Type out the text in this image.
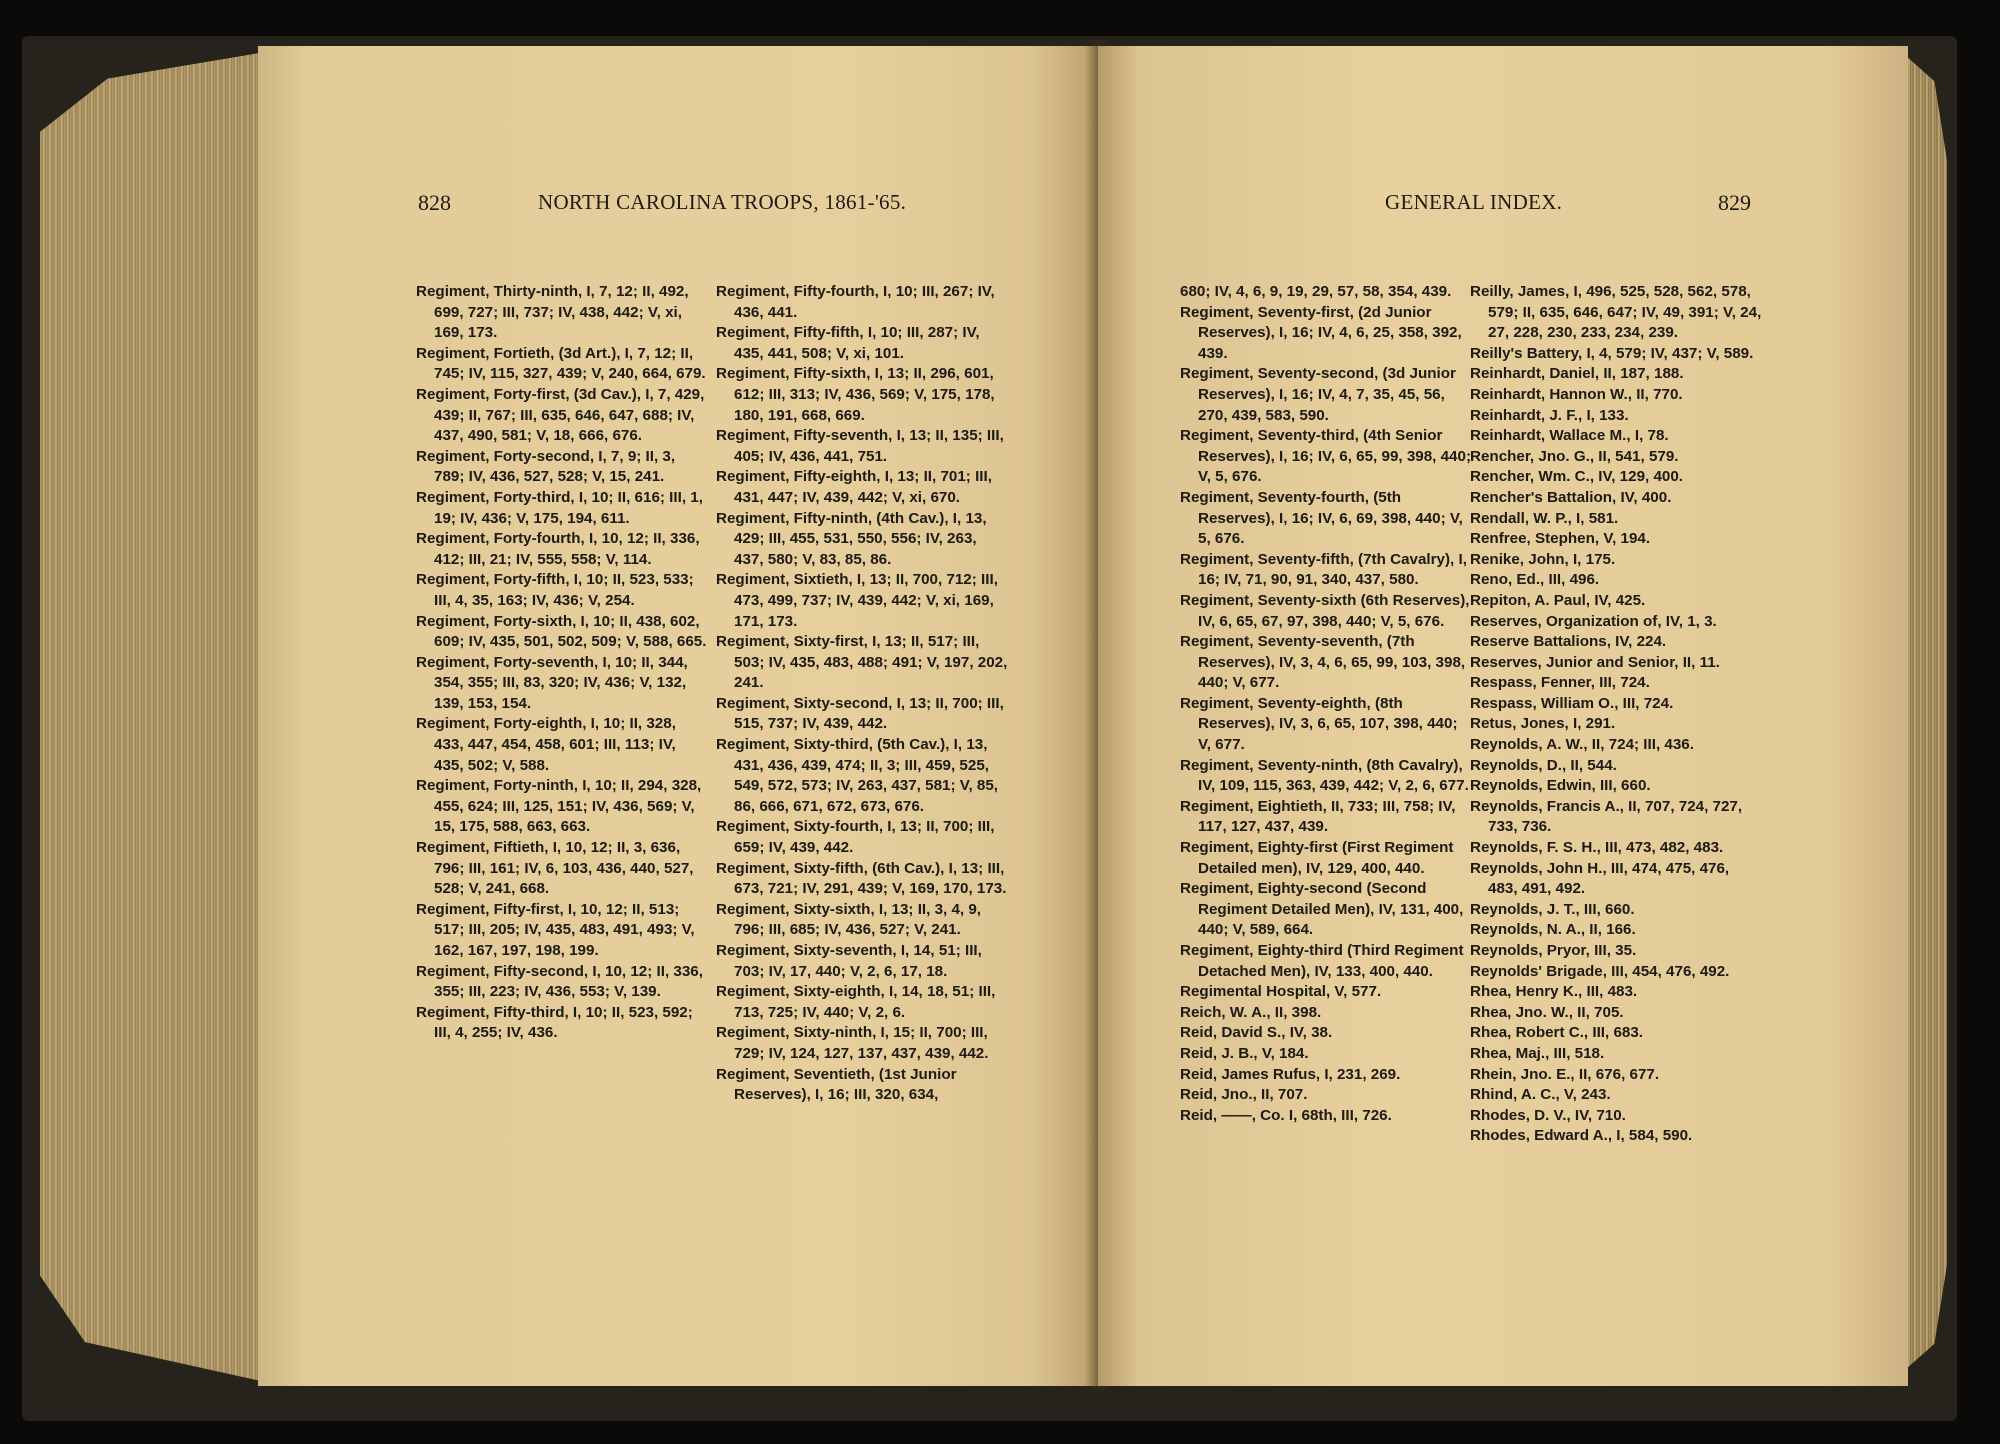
828	NORTH CAROLINA TROOPS, 1861-'65.

Regiment, Thirty-ninth, I, 7, 12; II, 492, 699, 727; III, 737; IV, 438, 442; V, xi, 169, 173.

Regiment, Fortieth, (3d Art.), I, 7, 12; II, 745; IV, 115, 327, 439; V, 240, 664, 679.

Regiment, Forty-first, (3d Cav.), I, 7, 429, 439; II, 767; III, 635, 646, 647, 688; IV, 437, 490, 581; V, 18, 666, 676.

Regiment, Forty-second, I, 7, 9; II, 3, 789; IV, 436, 527, 528; V, 15, 241.

Regiment, Forty-third, I, 10; II, 616; III, 1, 19; IV, 436; V, 175, 194, 611.

Regiment, Forty-fourth, I, 10, 12; II, 336, 412; III, 21; IV, 555, 558; V, 114.

Regiment, Forty-fifth, I, 10; II, 523, 533; III, 4, 35, 163; IV, 436; V, 254.

Regiment, Forty-sixth, I, 10; II, 438, 602, 609; IV, 435, 501, 502, 509; V, 588, 665.

Regiment, Forty-seventh, I, 10; II, 344, 354, 355; III, 83, 320; IV, 436; V, 132, 139, 153, 154.

Regiment, Forty-eighth, I, 10; II, 328, 433, 447, 454, 458, 601; III, 113; IV, 435, 502; V, 588.

Regiment, Forty-ninth, I, 10; II, 294, 328, 455, 624; III, 125, 151; IV, 436, 569; V, 15, 175, 588, 663, 663.

Regiment, Fiftieth, I, 10, 12; II, 3, 636, 796; III, 161; IV, 6, 103, 436, 440, 527, 528; V, 241, 668.

Regiment, Fifty-first, I, 10, 12; II, 513; 517; III, 205; IV, 435, 483, 491, 493; V, 162, 167, 197, 198, 199.

Regiment, Fifty-second, I, 10, 12; II, 336, 355; III, 223; IV, 436, 553; V, 139.

Regiment, Fifty-third, I, 10; II, 523, 592; III, 4, 255; IV, 436.

Regiment, Fifty-fourth, I, 10; III, 267; IV, 436, 441.

Regiment, Fifty-fifth, I, 10; III, 287; IV, 435, 441, 508; V, xi, 101.

Regiment, Fifty-sixth, I, 13; II, 296, 601, 612; III, 313; IV, 436, 569; V, 175, 178, 180, 191, 668, 669.

Regiment, Fifty-seventh, I, 13; II, 135; III, 405; IV, 436, 441, 751.

Regiment, Fifty-eighth, I, 13; II, 701; III, 431, 447; IV, 439, 442; V, xi, 670.

Regiment, Fifty-ninth, (4th Cav.), I, 13, 429; III, 455, 531, 550, 556; IV, 263, 437, 580; V, 83, 85, 86.

Regiment, Sixtieth, I, 13; II, 700, 712; III, 473, 499, 737; IV, 439, 442; V, xi, 169, 171, 173.

Regiment, Sixty-first, I, 13; II, 517; III, 503; IV, 435, 483, 488; 491; V, 197, 202, 241.

Regiment, Sixty-second, I, 13; II, 700; III, 515, 737; IV, 439, 442.

Regiment, Sixty-third, (5th Cav.), I, 13, 431, 436, 439, 474; II, 3; III, 459, 525, 549, 572, 573; IV, 263, 437, 581; V, 85, 86, 666, 671, 672, 673, 676.

Regiment, Sixty-fourth, I, 13; II, 700; III, 659; IV, 439, 442.

Regiment, Sixty-fifth, (6th Cav.), I, 13; III, 673, 721; IV, 291, 439; V, 169, 170, 173.

Regiment, Sixty-sixth, I, 13; II, 3, 4, 9, 796; III, 685; IV, 436, 527; V, 241.

Regiment, Sixty-seventh, I, 14, 51; III, 703; IV, 17, 440; V, 2, 6, 17, 18.

Regiment, Sixty-eighth, I, 14, 18, 51; III, 713, 725; IV, 440; V, 2, 6.

Regiment, Sixty-ninth, I, 15; II, 700; III, 729; IV, 124, 127, 137, 437, 439, 442.

Regiment, Seventieth, (1st Junior Reserves), I, 16; III, 320, 634,

GENERAL INDEX.	829

680; IV, 4, 6, 9, 19, 29, 57, 58, 354, 439.

Regiment, Seventy-first, (2d Junior Reserves), I, 16; IV, 4, 6, 25, 358, 392, 439.

Regiment, Seventy-second, (3d Junior Reserves), I, 16; IV, 4, 7, 35, 45, 56, 270, 439, 583, 590.

Regiment, Seventy-third, (4th Senior Reserves), I, 16; IV, 6, 65, 99, 398, 440; V, 5, 676.

Regiment, Seventy-fourth, (5th Reserves), I, 16; IV, 6, 69, 398, 440; V, 5, 676.

Regiment, Seventy-fifth, (7th Cavalry), I, 16; IV, 71, 90, 91, 340, 437, 580.

Regiment, Seventy-sixth (6th Reserves), IV, 6, 65, 67, 97, 398, 440; V, 5, 676.

Regiment, Seventy-seventh, (7th Reserves), IV, 3, 4, 6, 65, 99, 103, 398, 440; V, 677.

Regiment, Seventy-eighth, (8th Reserves), IV, 3, 6, 65, 107, 398, 440; V, 677.

Regiment, Seventy-ninth, (8th Cavalry), IV, 109, 115, 363, 439, 442; V, 2, 6, 677.

Regiment, Eightieth, II, 733; III, 758; IV, 117, 127, 437, 439.

Regiment, Eighty-first (First Regiment Detailed men), IV, 129, 400, 440.

Regiment, Eighty-second (Second Regiment Detailed Men), IV, 131, 400, 440; V, 589, 664.

Regiment, Eighty-third (Third Regiment Detached Men), IV, 133, 400, 440.

Regimental Hospital, V, 577.

Reich, W. A., II, 398.

Reid, David S., IV, 38.

Reid, J. B., V, 184.

Reid, James Rufus, I, 231, 269.

Reid, Jno., II, 707.

Reid, ——, Co. I, 68th, III, 726.

Reilly, James, I, 496, 525, 528, 562, 578, 579; II, 635, 646, 647; IV, 49, 391; V, 24, 27, 228, 230, 233, 234, 239.

Reilly's Battery, I, 4, 579; IV, 437; V, 589.

Reinhardt, Daniel, II, 187, 188.

Reinhardt, Hannon W., II, 770.

Reinhardt, J. F., I, 133.

Reinhardt, Wallace M., I, 78.

Rencher, Jno. G., II, 541, 579.

Rencher, Wm. C., IV, 129, 400.

Rencher's Battalion, IV, 400.

Rendall, W. P., I, 581.

Renfree, Stephen, V, 194.

Renike, John, I, 175.

Reno, Ed., III, 496.

Repiton, A. Paul, IV, 425.

Reserves, Organization of, IV, 1, 3.

Reserve Battalions, IV, 224.

Reserves, Junior and Senior, II, 11.

Respass, Fenner, III, 724.

Respass, William O., III, 724.

Retus, Jones, I, 291.

Reynolds, A. W., II, 724; III, 436.

Reynolds, D., II, 544.

Reynolds, Edwin, III, 660.

Reynolds, Francis A., II, 707, 724, 727, 733, 736.

Reynolds, F. S. H., III, 473, 482, 483.

Reynolds, John H., III, 474, 475, 476, 483, 491, 492.

Reynolds, J. T., III, 660.

Reynolds, N. A., II, 166.

Reynolds, Pryor, III, 35.

Reynolds' Brigade, III, 454, 476, 492.

Rhea, Henry K., III, 483.

Rhea, Jno. W., II, 705.

Rhea, Robert C., III, 683.

Rhea, Maj., III, 518.

Rhein, Jno. E., II, 676, 677.

Rhind, A. C., V, 243.

Rhodes, D. V., IV, 710.

Rhodes, Edward A., I, 584, 590.
